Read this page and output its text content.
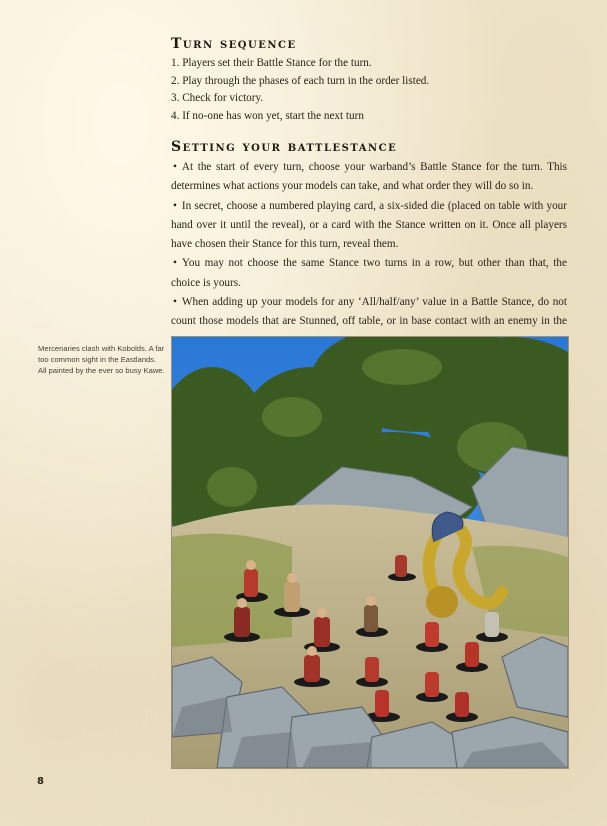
Turn sequence
1. Players set their Battle Stance for the turn.
2. Play through the phases of each turn in the order listed.
3. Check for victory.
4. If no-one has won yet, start the next turn
Setting your battlestance
• At the start of every turn, choose your warband’s Battle Stance for the turn. This determines what actions your models can take, and what order they will do so in.
• In secret, choose a numbered playing card, a six-sided die (placed on table with your hand over it until the reveal), or a card with the Stance written on it. Once all players have chosen their Stance for this turn, reveal them.
• You may not choose the same Stance two turns in a row, but other than that, the choice is yours.
• When adding up your models for any ‘All/half/any’ value in a Battle Stance, do not count those models that are Stunned, off table, or in base contact with an enemy in the
Mercenaries clash with Kobolds. A far too common sight in the Eastlands. All painted by the ever so busy Kawe.
8
